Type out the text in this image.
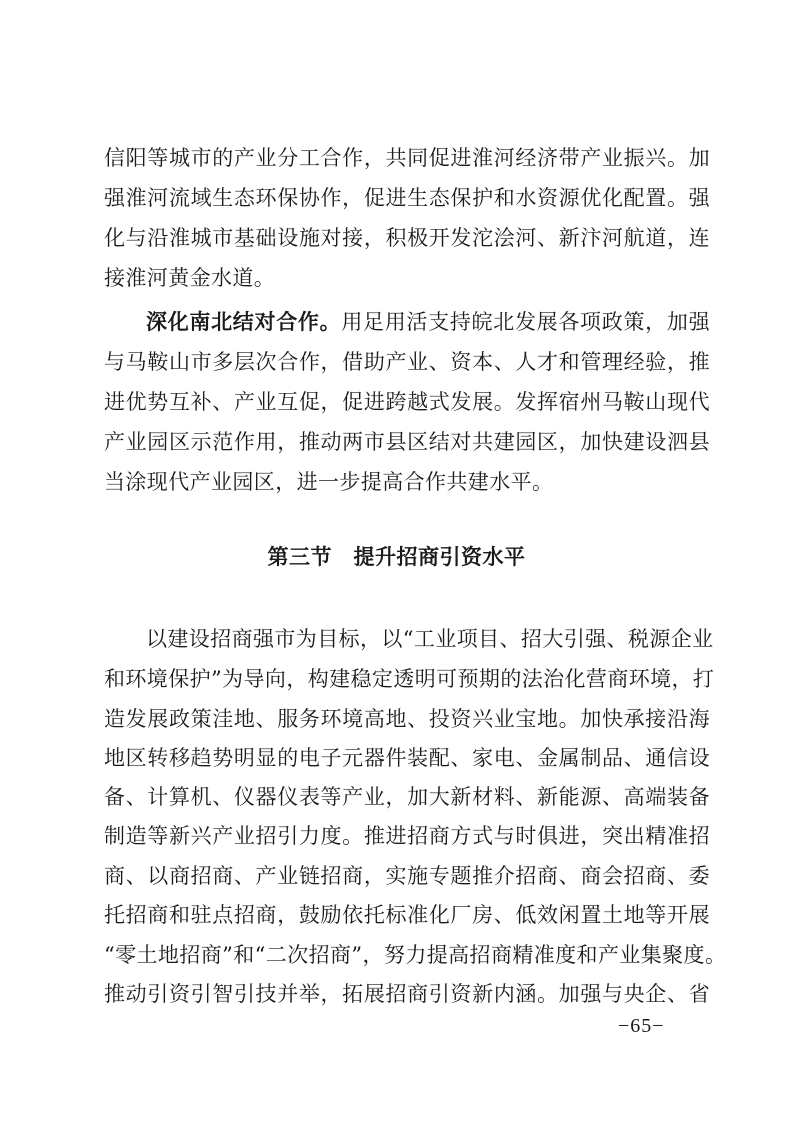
信阳等城市的产业分工合作，共同促进淮河经济带产业振兴。加
强淮河流域生态环保协作，促进生态保护和水资源优化配置。强
化与沿淮城市基础设施对接，积极开发沱浍河、新汴河航道，连
接淮河黄金水道。
深化南北结对合作。用足用活支持皖北发展各项政策，加强
与马鞍山市多层次合作，借助产业、资本、人才和管理经验，推
进优势互补、产业互促，促进跨越式发展。发挥宿州马鞍山现代
产业园区示范作用，推动两市县区结对共建园区，加快建设泗县
当涂现代产业园区，进一步提高合作共建水平。
第三节　提升招商引资水平
以建设招商强市为目标，以“工业项目、招大引强、税源企业
和环境保护”为导向，构建稳定透明可预期的法治化营商环境，打
造发展政策洼地、服务环境高地、投资兴业宝地。加快承接沿海
地区转移趋势明显的电子元器件装配、家电、金属制品、通信设
备、计算机、仪器仪表等产业，加大新材料、新能源、高端装备
制造等新兴产业招引力度。推进招商方式与时俱进，突出精准招
商、以商招商、产业链招商，实施专题推介招商、商会招商、委
托招商和驻点招商，鼓励依托标准化厂房、低效闲置土地等开展
“零土地招商”和“二次招商”，努力提高招商精准度和产业集聚度。
推动引资引智引技并举，拓展招商引资新内涵。加强与央企、省
−65−
